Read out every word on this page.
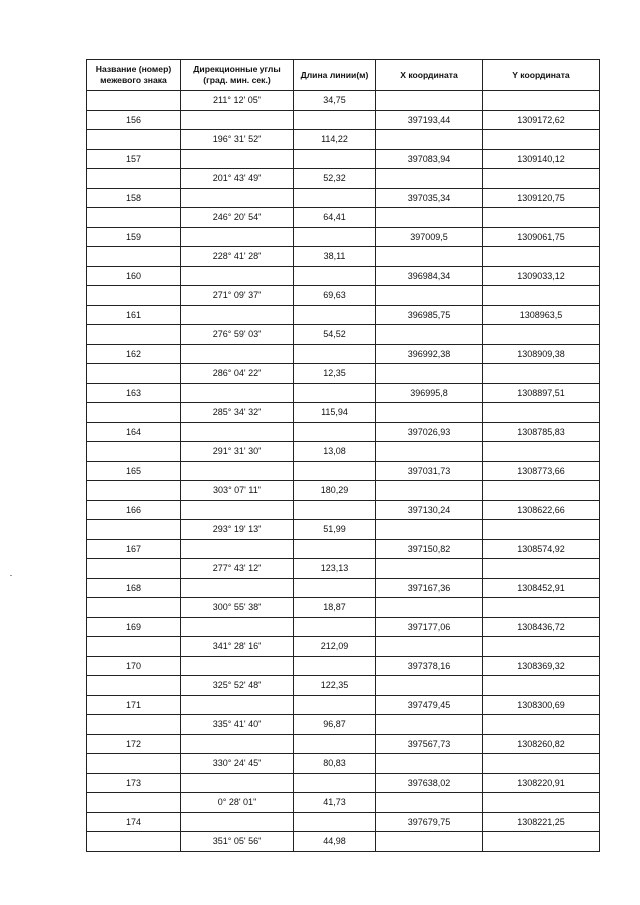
Название (номер) межевого знака	Дирекционные углы (град. мин. сек.)	Длина линии(м)	X координата	Y координата
	211° 12' 05"	34,75		
156			397193,44	1309172,62
	196° 31' 52"	114,22		
157			397083,94	1309140,12
	201° 43' 49"	52,32		
158			397035,34	1309120,75
	246° 20' 54"	64,41		
159			397009,5	1309061,75
	228° 41' 28"	38,11		
160			396984,34	1309033,12
	271° 09' 37"	69,63		
161			396985,75	1308963,5
	276° 59' 03"	54,52		
162			396992,38	1308909,38
	286° 04' 22"	12,35		
163			396995,8	1308897,51
	285° 34' 32"	115,94		
164			397026,93	1308785,83
	291° 31' 30"	13,08		
165			397031,73	1308773,66
	303° 07' 11"	180,29		
166			397130,24	1308622,66
	293° 19' 13"	51,99		
167			397150,82	1308574,92
	277° 43' 12"	123,13		
168			397167,36	1308452,91
	300° 55' 38"	18,87		
169			397177,06	1308436,72
	341° 28' 16"	212,09		
170			397378,16	1308369,32
	325° 52' 48"	122,35		
171			397479,45	1308300,69
	335° 41' 40"	96,87		
172			397567,73	1308260,82
	330° 24' 45"	80,83		
173			397638,02	1308220,91
	0° 28' 01"	41,73		
174			397679,75	1308221,25
	351° 05' 56"	44,98		
